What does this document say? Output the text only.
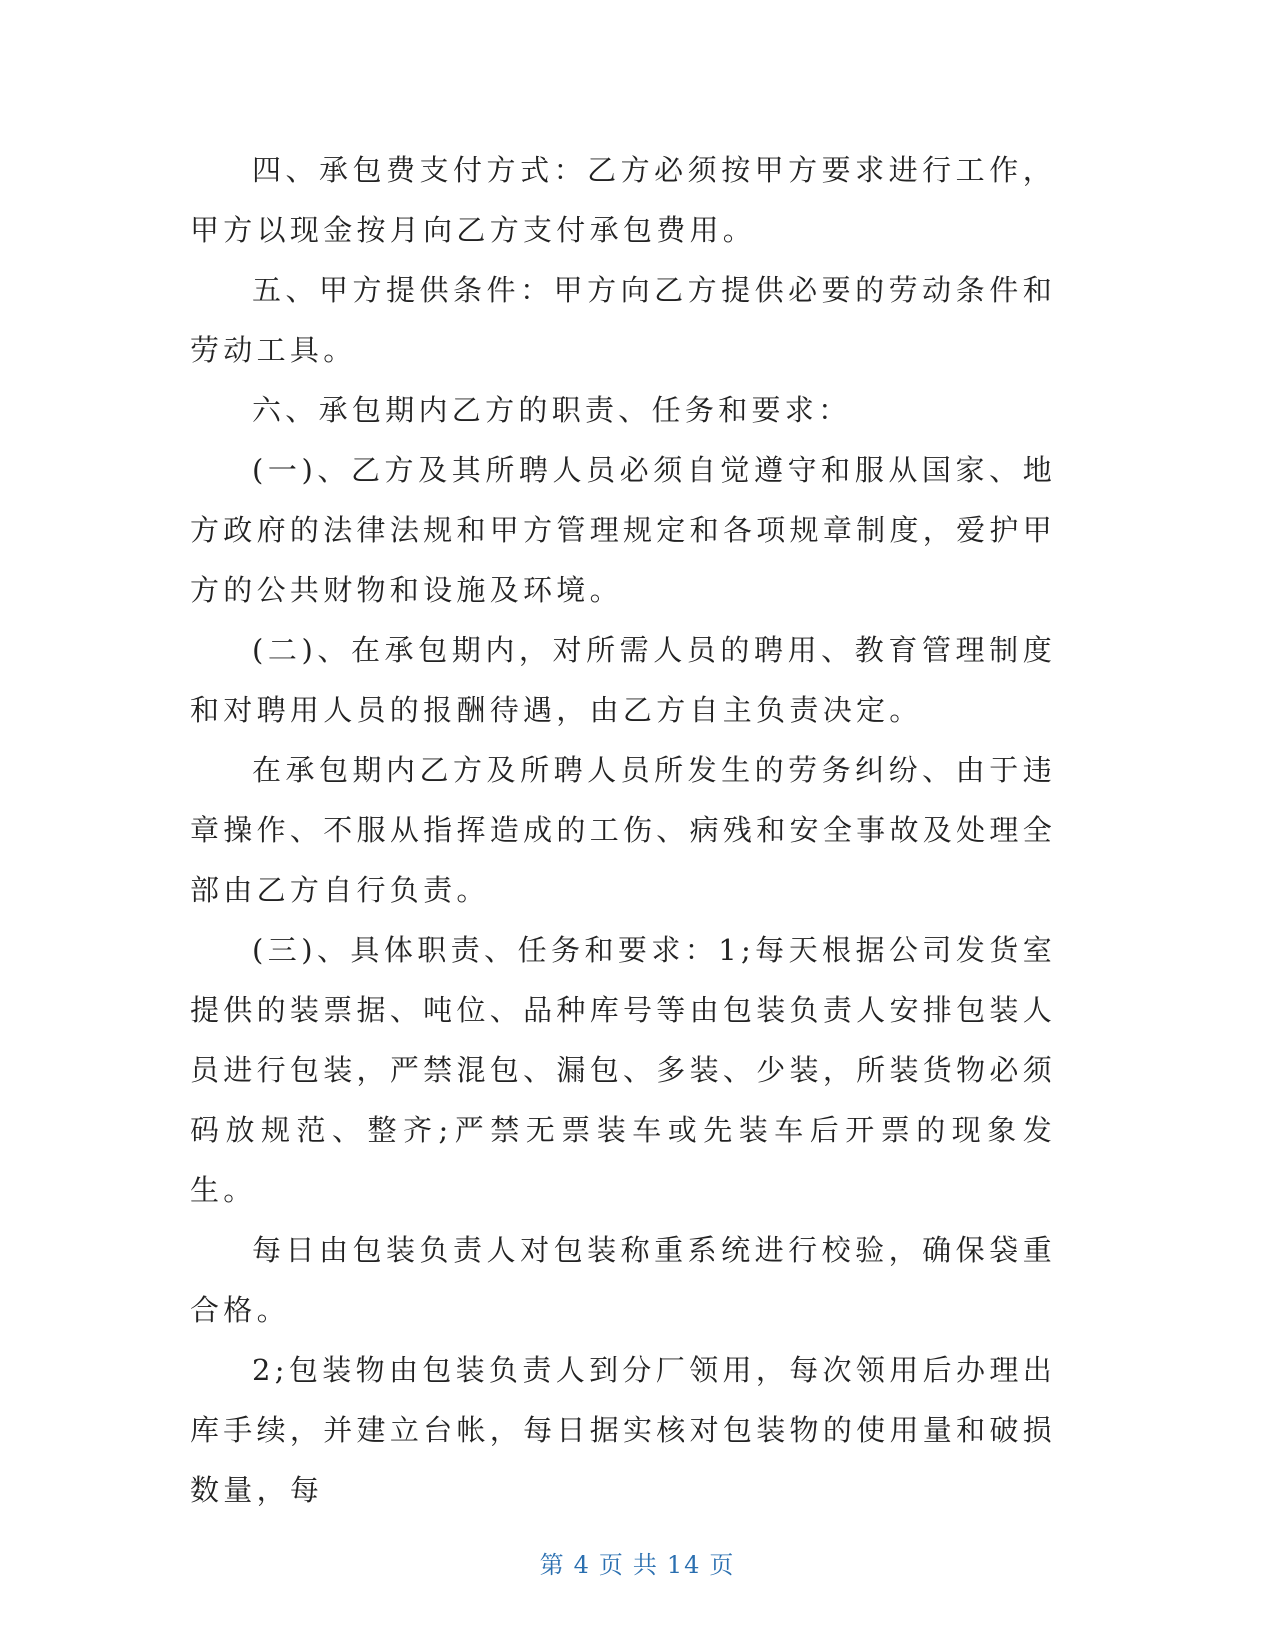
四、承包费支付方式：乙方必须按甲方要求进行工作，甲方以现金按月向乙方支付承包费用。

五、甲方提供条件：甲方向乙方提供必要的劳动条件和劳动工具。

六、承包期内乙方的职责、任务和要求：

(一)、乙方及其所聘人员必须自觉遵守和服从国家、地方政府的法律法规和甲方管理规定和各项规章制度，爱护甲方的公共财物和设施及环境。

(二)、在承包期内，对所需人员的聘用、教育管理制度和对聘用人员的报酬待遇，由乙方自主负责决定。

在承包期内乙方及所聘人员所发生的劳务纠纷、由于违章操作、不服从指挥造成的工伤、病残和安全事故及处理全部由乙方自行负责。

(三)、具体职责、任务和要求：1;每天根据公司发货室提供的装票据、吨位、品种库号等由包装负责人安排包装人员进行包装，严禁混包、漏包、多装、少装，所装货物必须码放规范、整齐;严禁无票装车或先装车后开票的现象发生。

每日由包装负责人对包装称重系统进行校验，确保袋重合格。

2;包装物由包装负责人到分厂领用，每次领用后办理出库手续，并建立台帐，每日据实核对包装物的使用量和破损数量，每

第 4 页 共 14 页
